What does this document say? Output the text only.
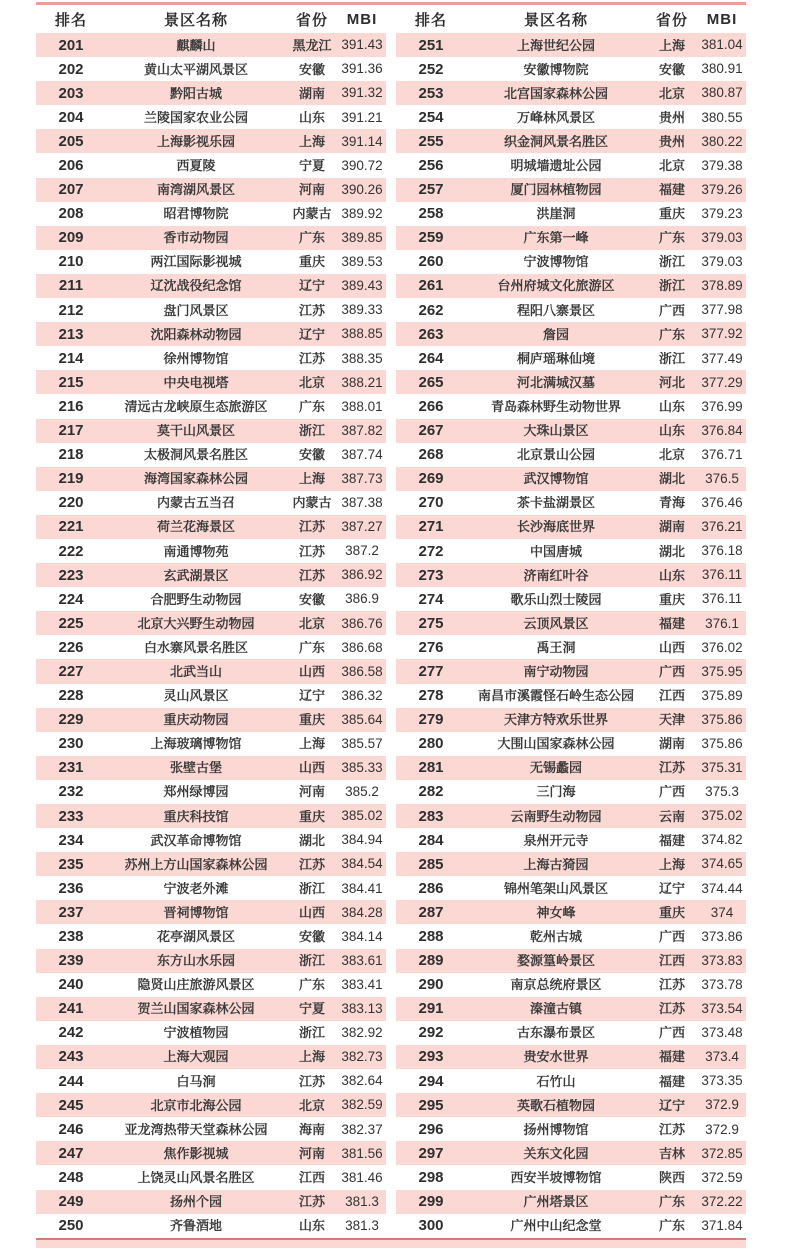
排名	景区名称	省份	MBI
201	麒麟山	黑龙江 391.43
202	黄山太平湖风景区	安徽	391.36
203	黔阳古城	湖南	391.32
204	兰陵国家农业公园	山东	391.21
205	上海影视乐园	上海	391.14
206	西夏陵	宁夏	390.72
207	南湾湖风景区	河南	390.26
208	昭君博物院	内蒙古 389.92
209	香市动物园	广东	389.85
210	两江国际影视城	重庆	389.53
211	辽沈战役纪念馆	辽宁	389.43
212	盘门风景区	江苏	389.33
213	沈阳森林动物园	辽宁	388.85
214	徐州博物馆	江苏	388.35
215	中央电视塔	北京	388.21
216	清远古龙峡原生态旅游区	广东	388.01
217	莫干山风景区	浙江	387.82
218	太极洞风景名胜区	安徽	387.74
219	海湾国家森林公园	上海	387.73
220	内蒙古五当召	内蒙古 387.38
221	荷兰花海景区	江苏	387.27
222	南通博物苑	江苏	387.2
223	玄武湖景区	江苏	386.92
224	合肥野生动物园	安徽	386.9
225	北京大兴野生动物园	北京	386.76
226	白水寨风景名胜区	广东	386.68
227	北武当山	山西	386.58
228	灵山风景区	辽宁	386.32
229	重庆动物园	重庆	385.64
230	上海玻璃博物馆	上海	385.57
231	张壁古堡	山西	385.33
232	郑州绿博园	河南	385.2
233	重庆科技馆	重庆	385.02
234	武汉革命博物馆	湖北	384.94
235	苏州上方山国家森林公园	江苏	384.54
236	宁波老外滩	浙江	384.41
237	晋祠博物馆	山西	384.28
238	花亭湖风景区	安徽	384.14
239	东方山水乐园	浙江	383.61
240	隐贤山庄旅游风景区	广东	383.41
241	贺兰山国家森林公园	宁夏	383.13
242	宁波植物园	浙江	382.92
243	上海大观园	上海	382.73
244	白马涧	江苏	382.64
245	北京市北海公园	北京	382.59
246	亚龙湾热带天堂森林公园	海南	382.37
247	焦作影视城	河南	381.56
248	上饶灵山风景名胜区	江西	381.46
249	扬州个园	江苏	381.3
250	齐鲁酒地	山东	381.3
排名	景区名称	省份	MBI
251	上海世纪公园	上海	381.04
252	安徽博物院	安徽	380.91
253	北宫国家森林公园	北京	380.87
254	万峰林风景区	贵州	380.55
255	织金洞风景名胜区	贵州	380.22
256	明城墙遗址公园	北京	379.38
257	厦门园林植物园	福建	379.26
258	洪崖洞	重庆	379.23
259	广东第一峰	广东	379.03
260	宁波博物馆	浙江	379.03
261	台州府城文化旅游区	浙江	378.89
262	程阳八寨景区	广西	377.98
263	詹园	广东	377.92
264	桐庐瑶琳仙境	浙江	377.49
265	河北满城汉墓	河北	377.29
266	青岛森林野生动物世界	山东	376.99
267	大珠山景区	山东	376.84
268	北京景山公园	北京	376.71
269	武汉博物馆	湖北	376.5
270	茶卡盐湖景区	青海	376.46
271	长沙海底世界	湖南	376.21
272	中国唐城	湖北	376.18
273	济南红叶谷	山东	376.11
274	歌乐山烈士陵园	重庆	376.11
275	云顶风景区	福建	376.1
276	禹王洞	山西	376.02
277	南宁动物园	广西	375.95
278	南昌市溪霞怪石岭生态公园	江西	375.89
279	天津方特欢乐世界	天津	375.86
280	大围山国家森林公园	湖南	375.86
281	无锡蠡园	江苏	375.31
282	三门海	广西	375.3
283	云南野生动物园	云南	375.02
284	泉州开元寺	福建	374.82
285	上海古猗园	上海	374.65
286	锦州笔架山风景区	辽宁	374.44
287	神女峰	重庆	374
288	乾州古城	广西	373.86
289	婺源篁岭景区	江西	373.83
290	南京总统府景区	江苏	373.78
291	溱潼古镇	江苏	373.54
292	古东瀑布景区	广西	373.48
293	贵安水世界	福建	373.4
294	石竹山	福建	373.35
295	英歌石植物园	辽宁	372.9
296	扬州博物馆	江苏	372.9
297	关东文化园	吉林	372.85
298	西安半坡博物馆	陕西	372.59
299	广州塔景区	广东	372.22
300	广州中山纪念堂	广东	371.84
